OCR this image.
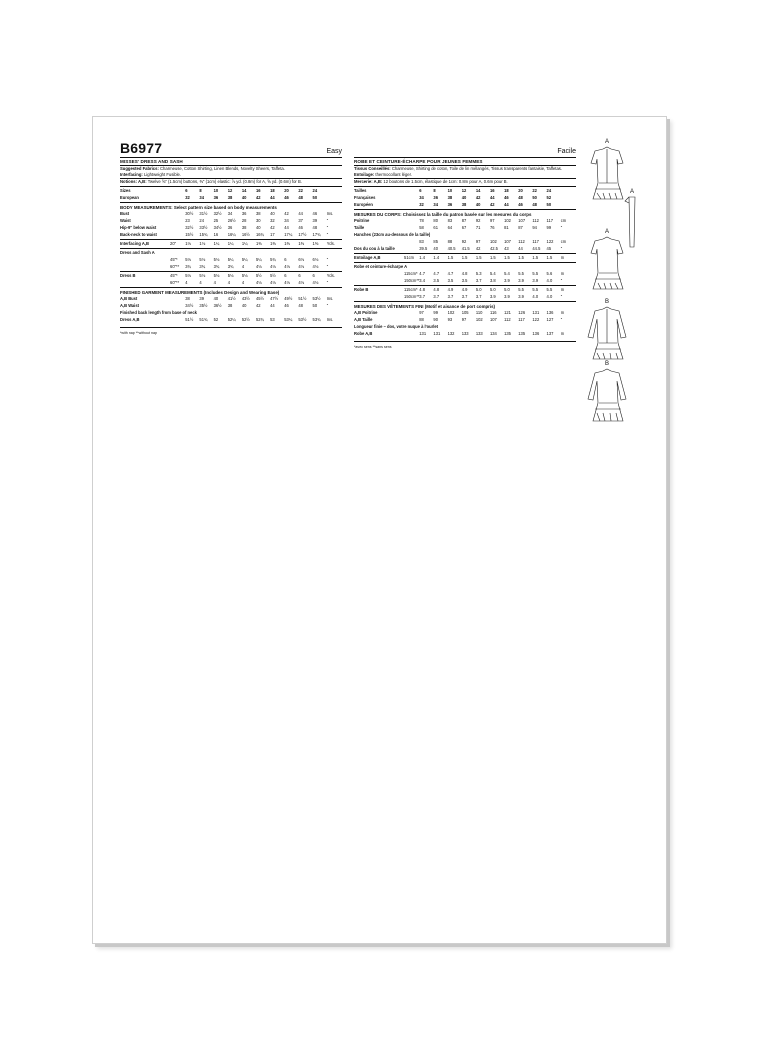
B6977	Easy
MISSES' DRESS AND SASH
Suggested Fabrics: Charmeuse, Cotton Shirting, Linen Blends, Novelty Sheers, Taffeta.
Interfacing: Lightweight Fusible.
Notions: A,B: Twelve ⅝" (1.5cm) buttons, ⅜" (1cm) elastic: ⅞ yd. (0.8m) for A, ⅝ yd. (0.6m) for B.
Sizes		6	8	10	12	14	16	18	20	22	24	
European		32	34	36	38	40	42	44	46	48	50	
BODY MEASUREMENTS: Select pattern size based on body measurements
Bust		30½	31½	32½	34	36	38	40	42	44	46	Ins.
Waist		23	24	25	26½	28	30	32	34	37	39	"
Hip-9" below waist		32½	33½	34½	36	38	40	42	44	46	48	"
Back-neck to waist		15½	15¾	16	16¼	16½	16¾	17	17¼	17½	17¾	"
Interfacing A,B	20"	1⅛	1⅛	1¼	1¼	1¼	1⅜	1⅜	1⅜	1⅜	1⅜	Yds.
Dress and Sash A
	45"*	5⅛	5⅛	5⅛	5¼	5¼	5¼	5¾	6	6⅛	6⅛	"
	60"**	3¾	3¾	3¾	3¾	4	4⅛	4⅛	4⅛	4⅛	4⅛	"
Dress B	45"*	5⅛	5⅛	5⅛	5⅛	5⅛	5½	5½	6	6	6	Yds.
	60"**	4	4	4	4	4	4⅛	4⅛	4⅛	4⅛	4⅛	"
FINISHED GARMENT MEASUREMENTS (Includes Design and Wearing Ease)
A,B Bust		38	39	40	41½	43½	45½	47½	49½	51½	53½	Ins.
A,B Waist		34½	35½	36½	38	40	42	44	46	48	50	"
Finished back length from base of neck
Dress A,B		51½	51¾	52	52¼	52½	52¾	53	53¼	53½	53¾	Ins.
*with nap **without nap
Facile
ROBE ET CEINTURE-ÉCHARPE POUR JEUNES FEMMES
Tissus Conseillés: Charmeuse, Shirting de coton, Toile de lin mélangés, Tissus transparents fantaisie, Taffetas. Entoilage: thermocollant léger.
Mercerie: A,B: 12 boutons de 1.5cm, élastique de 1cm: 0.8m pour A, 0.6m pour B.
Tailles		6	8	10	12	14	16	18	20	22	24	
Françaises		34	36	38	40	42	44	46	48	50	52	
Européen		32	34	36	38	40	42	44	46	48	50	
MESURES DU CORPS: Choisissez la taille du patron basée sur les mesures du corps
Poitrine		78	80	83	87	92	97	102	107	112	117	cm
Taille		58	61	64	67	71	76	81	87	94	99	"
Hanches (23cm au-dessous de la taille)
		83	85	88	92	97	102	107	112	117	122	cm
Dos du cou à la taille		39.5	40	40.5	41.5	42	42.5	43	44	44.5	45	"
Entoilage A,B	51cm	1.4	1.4	1.5	1.5	1.5	1.5	1.5	1.5	1.5	1.5	m
Robe et ceinture-écharpe A
	115cm*	4.7	4.7	4.7	4.8	5.3	5.4	5.4	5.5	5.5	5.6	m
	150cm**	3.4	3.5	3.5	3.5	3.7	3.8	3.9	3.9	3.9	4.0	"
Robe B	115cm*	4.8	4.8	4.9	4.9	5.0	5.0	5.0	5.5	5.5	5.5	m
	150cm**	3.7	3.7	3.7	3.7	3.7	3.9	3.9	3.9	4.0	4.0	"
MESURES DES VÊTEMENTS FINI (Motif et aisance de port compris)
A,B Poitrine		97	99	102	105	110	116	121	126	131	136	m
A,B Taille		88	90	93	97	102	107	112	117	122	127	"
Longueur finie – dos, votre nuque à l'ourlet
Robe A,B		131	131	132	133	133	134	135	135	136	137	m
*avec sens **sans sens
A
A
A
B
B
